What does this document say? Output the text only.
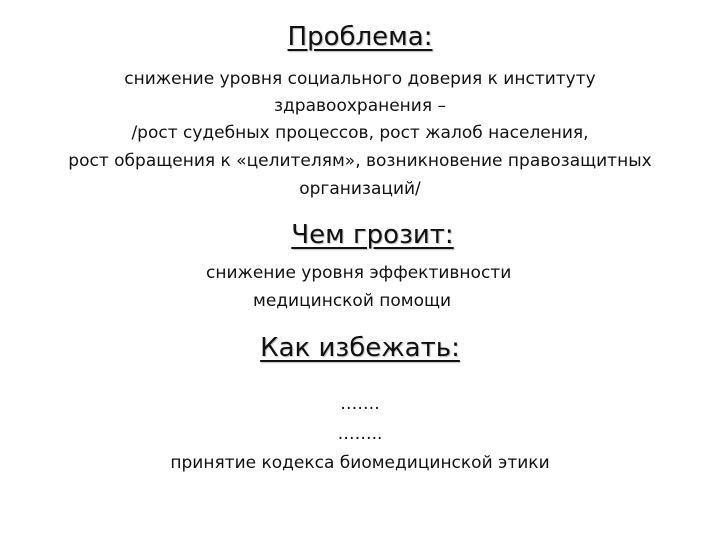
Проблема:
снижение уровня социального доверия к институту
здравоохранения –
/рост судебных процессов, рост жалоб населения,
рост обращения к «целителям», возникновение правозащитных
организаций/
Чем грозит:
снижение уровня эффективности
медицинской помощи
Как избежать:
…….
……..
принятие кодекса биомедицинской этики
